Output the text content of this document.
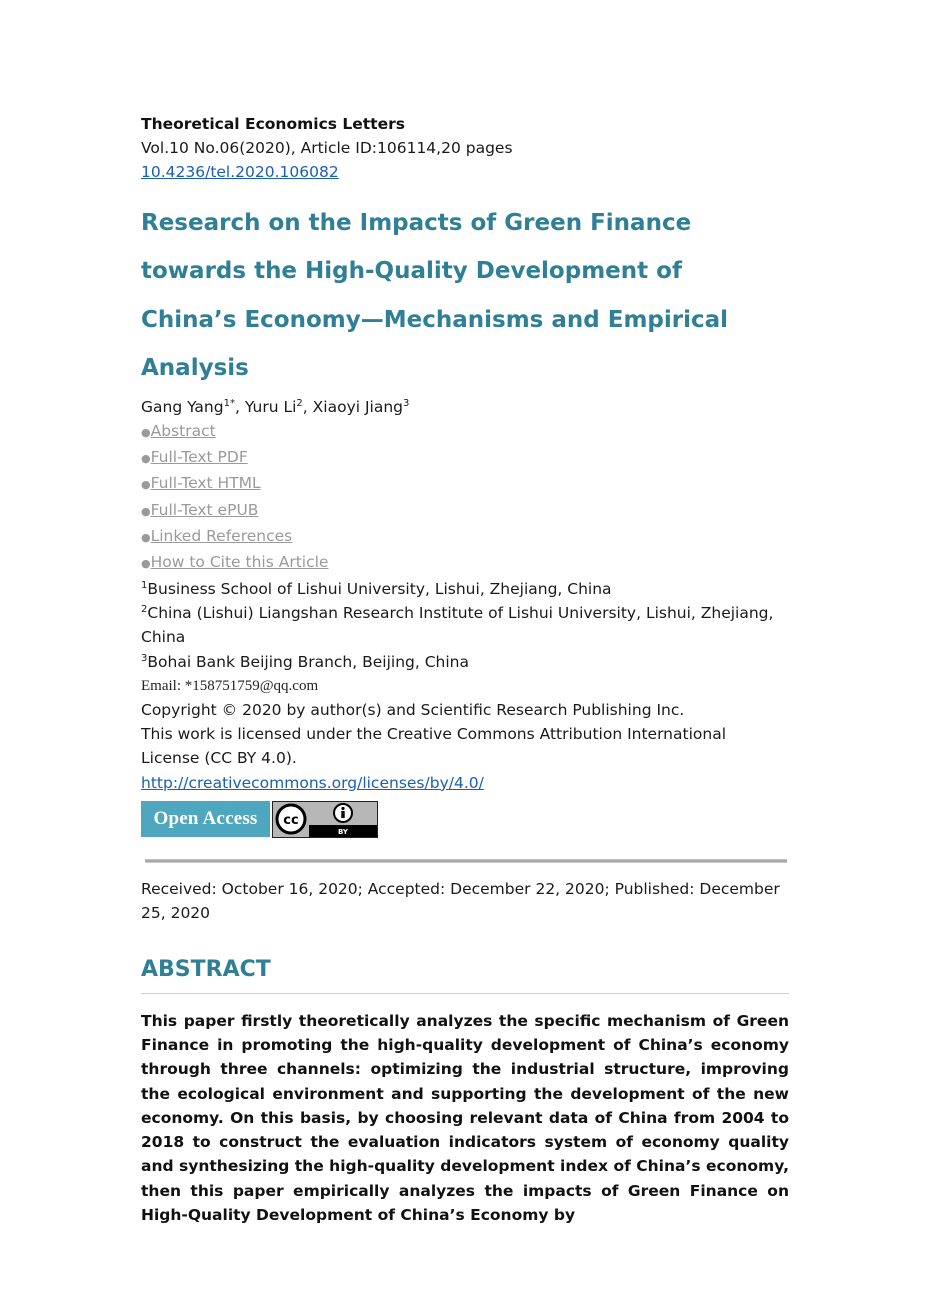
Theoretical Economics Letters
Vol.10 No.06(2020), Article ID:106114,20 pages
10.4236/tel.2020.106082
Research on the Impacts of Green Finance
towards the High-Quality Development of
China’s Economy—Mechanisms and Empirical
Analysis
Gang Yang$^{1*}$, Yuru Li$^2$, Xiaoyi Jiang$^3$
●Abstract
●Full-Text PDF
●Full-Text HTML
●Full-Text ePUB
●Linked References
●How to Cite this Article
$^1$Business School of Lishui University, Lishui, Zhejiang, China
$^2$China (Lishui) Liangshan Research Institute of Lishui University, Lishui, Zhejiang, China
$^3$Bohai Bank Beijing Branch, Beijing, China
Email: *158751759@qq.com
Copyright © 2020 by author(s) and Scientific Research Publishing Inc.
This work is licensed under the Creative Commons Attribution International License (CC BY 4.0).
http://creativecommons.org/licenses/by/4.0/
Open Access	cc
BY
Received: October 16, 2020; Accepted: December 22, 2020; Published: December 25, 2020
ABSTRACT
This paper firstly theoretically analyzes the specific mechanism of Green Finance in promoting the high-quality development of China’s economy through three channels: optimizing the industrial structure, improving the ecological environment and supporting the development of the new economy. On this basis, by choosing relevant data of China from 2004 to 2018 to construct the evaluation indicators system of economy quality and synthesizing the high-quality development index of China’s economy, then this paper empirically analyzes the impacts of Green Finance on High-Quality Development of China’s Economy by
